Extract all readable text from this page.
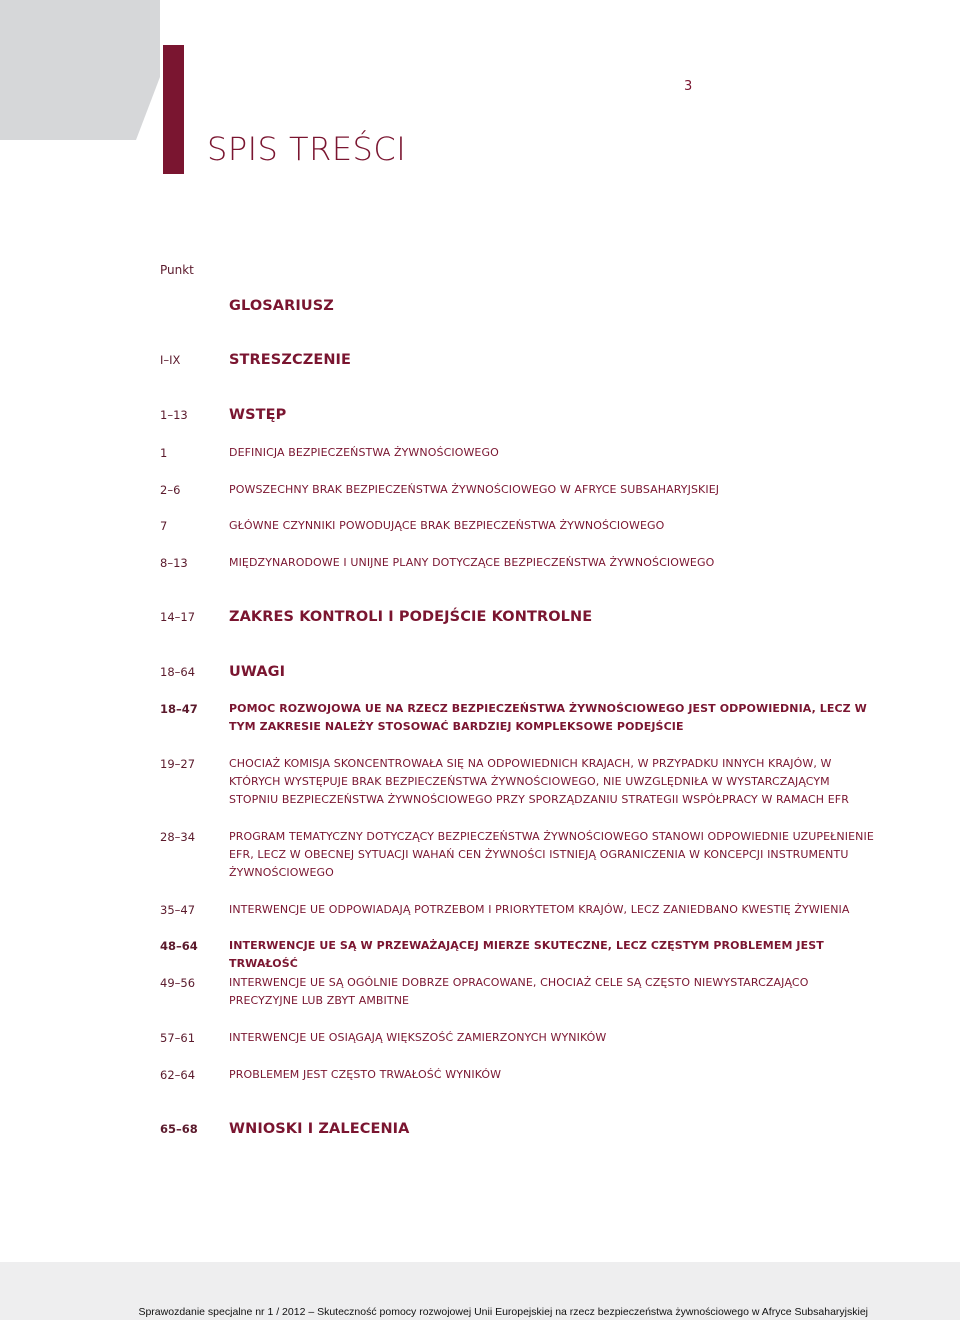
3
SPIS TREŚCI
Punkt
GLOSARIUSZ
I–IX	STRESZCZENIE
1–13	WSTĘP
1	DEFINICJA BEZPIECZEŃSTWA ŻYWNOŚCIOWEGO
2–6	POWSZECHNY BRAK BEZPIECZEŃSTWA ŻYWNOŚCIOWEGO W AFRYCE SUBSAHARYJSKIEJ
7	GŁÓWNE CZYNNIKI POWODUJĄCE BRAK BEZPIECZEŃSTWA ŻYWNOŚCIOWEGO
8–13	MIĘDZYNARODOWE I UNIJNE PLANY DOTYCZĄCE BEZPIECZEŃSTWA ŻYWNOŚCIOWEGO
14–17	ZAKRES KONTROLI I PODEJŚCIE KONTROLNE
18–64	UWAGI
18–47	POMOC ROZWOJOWA UE NA RZECZ BEZPIECZEŃSTWA ŻYWNOŚCIOWEGO JEST ODPOWIEDNIA, LECZ W TYM ZAKRESIE NALEŻY STOSOWAĆ BARDZIEJ KOMPLEKSOWE PODEJŚCIE
19–27	CHOCIAŻ KOMISJA SKONCENTROWAŁA SIĘ NA ODPOWIEDNICH KRAJACH, W PRZYPADKU INNYCH KRAJÓW, W KTÓRYCH WYSTĘPUJE BRAK BEZPIECZEŃSTWA ŻYWNOŚCIOWEGO, NIE UWZGLĘDNIŁA W WYSTARCZAJĄCYM STOPNIU BEZPIECZEŃSTWA ŻYWNOŚCIOWEGO PRZY SPORZĄDZANIU STRATEGII WSPÓŁPRACY W RAMACH EFR
28–34	PROGRAM TEMATYCZNY DOTYCZĄCY BEZPIECZEŃSTWA ŻYWNOŚCIOWEGO STANOWI ODPOWIEDNIE UZUPEŁNIENIE EFR, LECZ W OBECNEJ SYTUACJI WAHAŃ CEN ŻYWNOŚCI ISTNIEJĄ OGRANICZENIA W KONCEPCJI INSTRUMENTU ŻYWNOŚCIOWEGO
35–47	INTERWENCJE UE ODPOWIADAJĄ POTRZEBOM I PRIORYTETOM KRAJÓW, LECZ ZANIEDBANO KWESTIĘ ŻYWIENIA
48–64	INTERWENCJE UE SĄ W PRZEWAŻAJĄCEJ MIERZE SKUTECZNE, LECZ CZĘSTYM PROBLEMEM JEST TRWAŁOŚĆ
49–56	INTERWENCJE UE SĄ OGÓLNIE DOBRZE OPRACOWANE, CHOCIAŻ CELE SĄ CZĘSTO NIEWYSTARCZAJĄCO PRECYZYJNE LUB ZBYT AMBITNE
57–61	INTERWENCJE UE OSIĄGAJĄ WIĘKSZOŚĆ ZAMIERZONYCH WYNIKÓW
62–64	PROBLEMEM JEST CZĘSTO TRWAŁOŚĆ WYNIKÓW
65–68	WNIOSKI I ZALECENIA
Sprawozdanie specjalne nr 1 / 2012 – Skuteczność pomocy rozwojowej Unii Europejskiej na rzecz bezpieczeństwa żywnościowego w Afryce Subsaharyjskiej
